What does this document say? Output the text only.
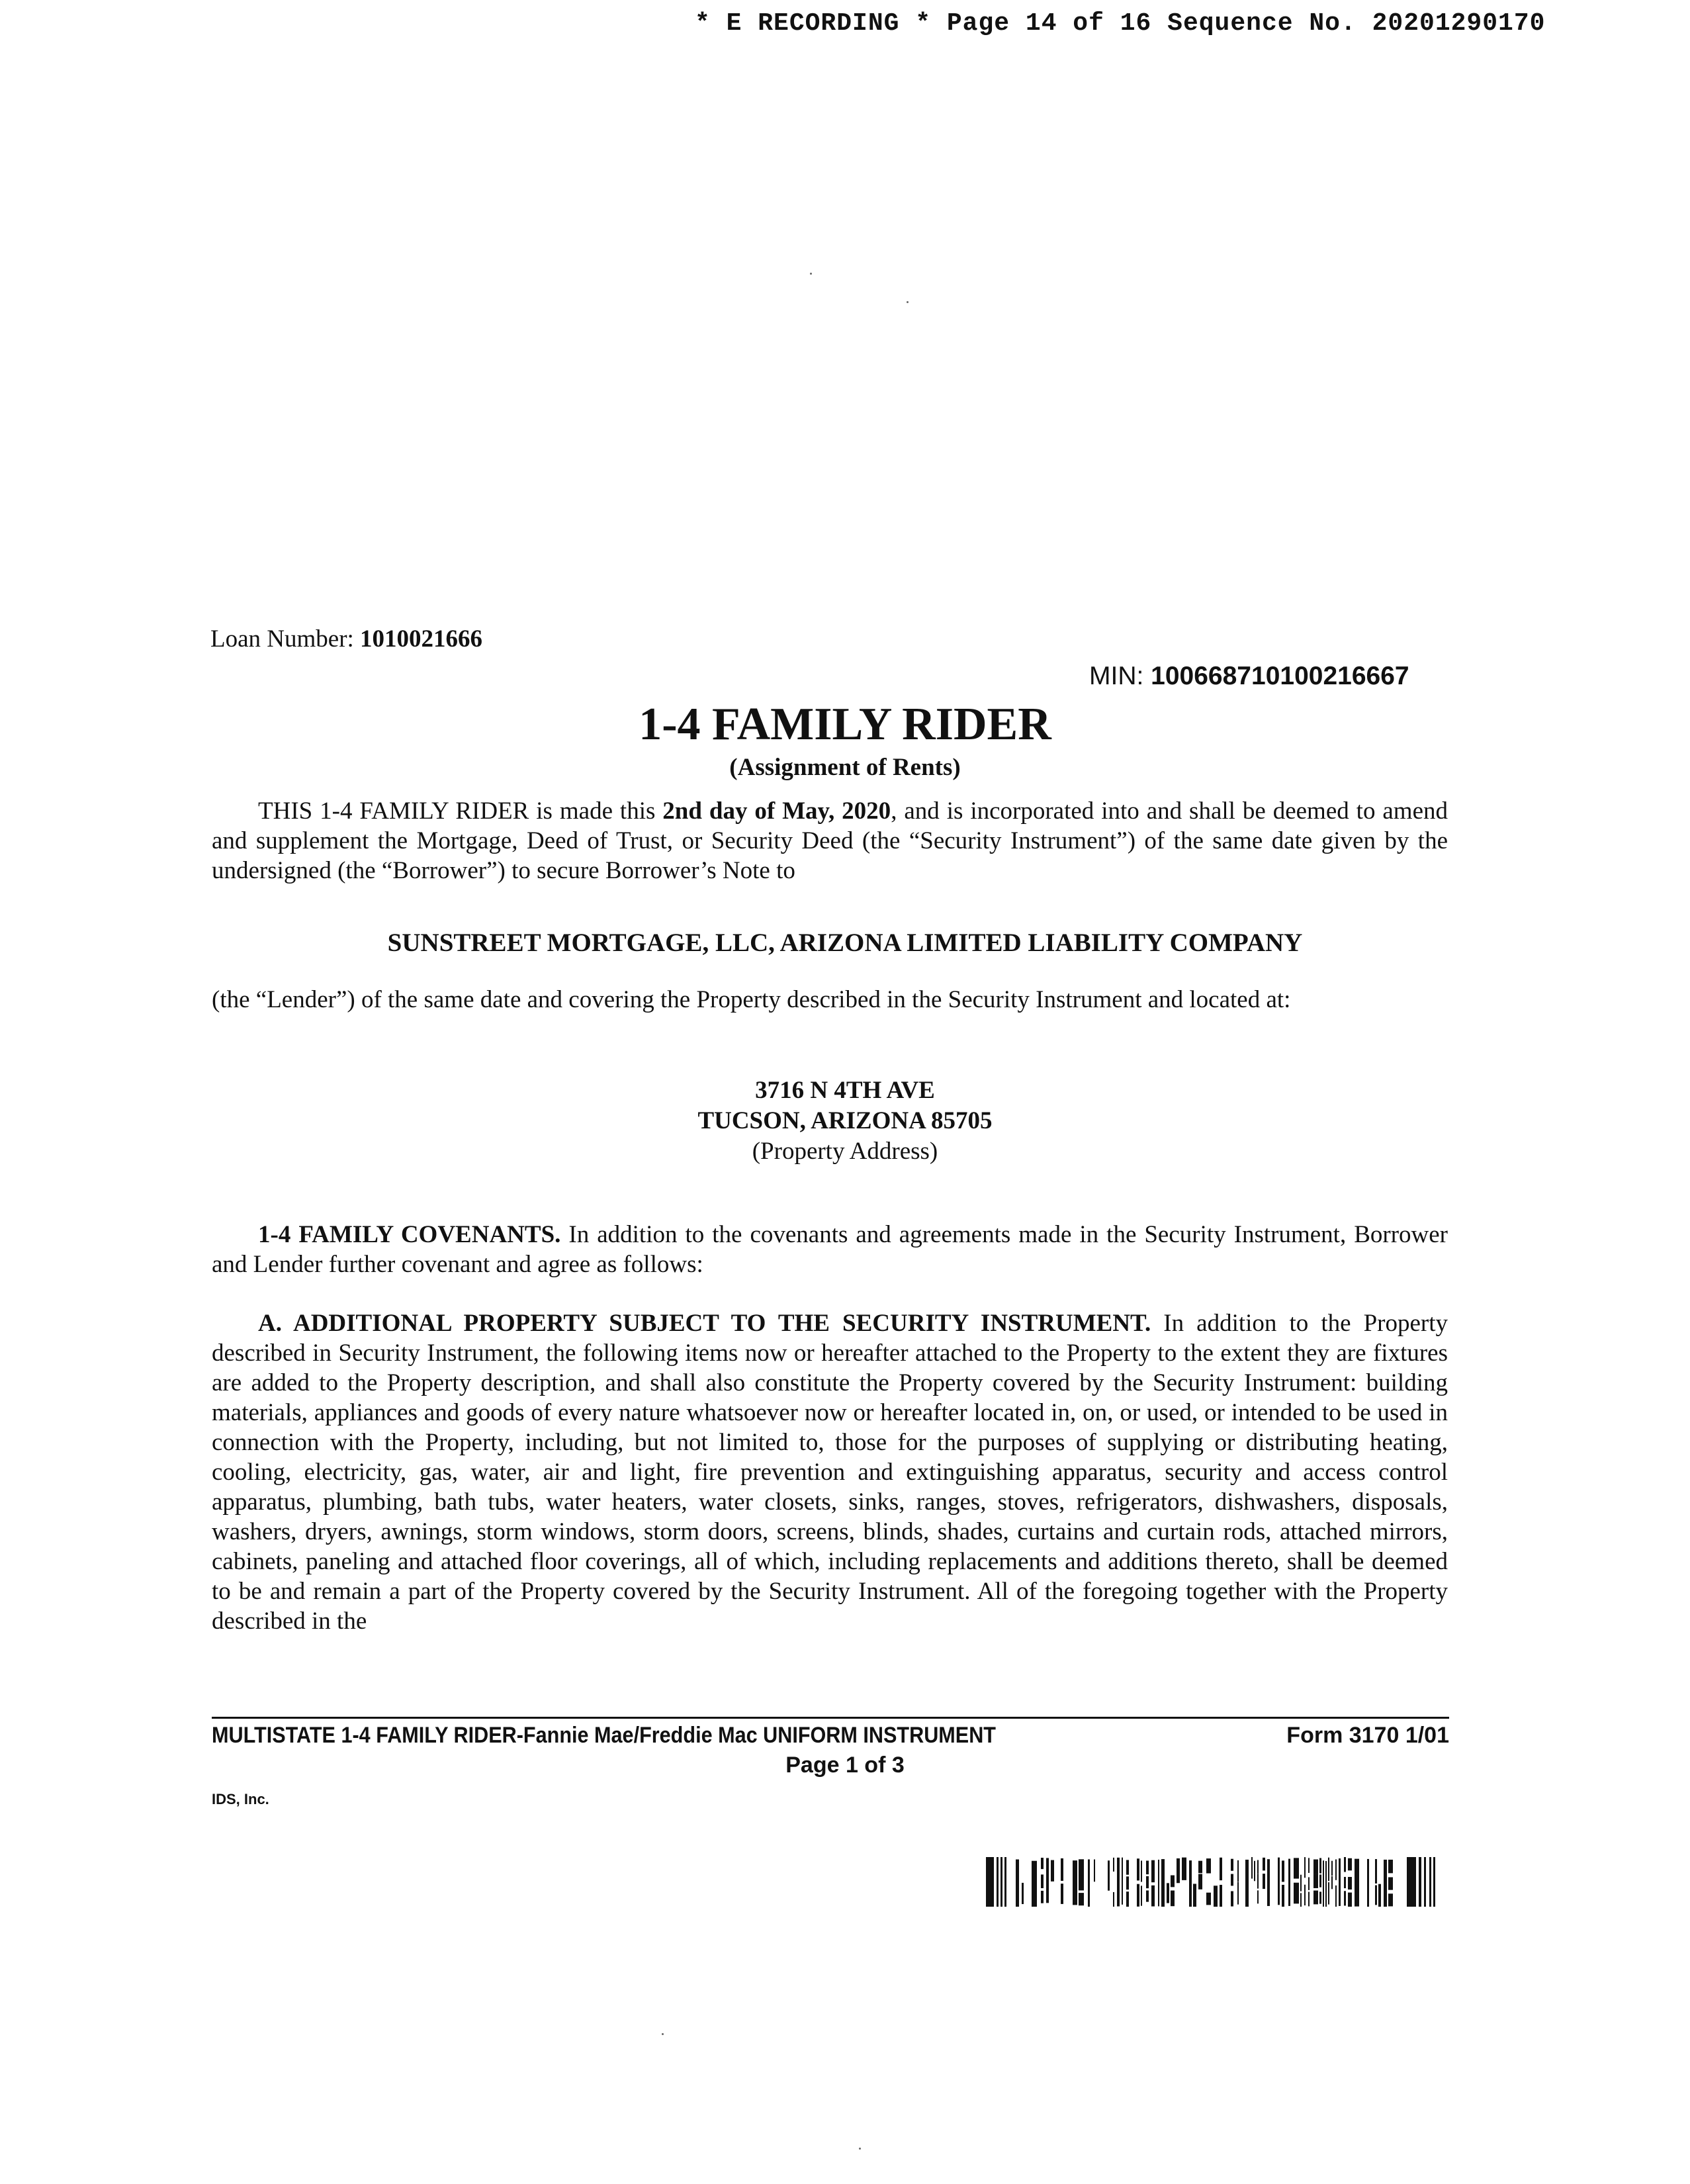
* E RECORDING * Page 14 of 16 Sequence No. 20201290170
Loan Number: 1010021666
MIN: 100668710100216667
1-4 FAMILY RIDER
(Assignment of Rents)
THIS 1-4 FAMILY RIDER is made this 2nd day of May, 2020, and is incorporated into and shall be deemed to amend and supplement the Mortgage, Deed of Trust, or Security Deed (the “Security Instrument”) of the same date given by the undersigned (the “Borrower”) to secure Borrower’s Note to
SUNSTREET MORTGAGE, LLC, ARIZONA LIMITED LIABILITY COMPANY
(the “Lender”) of the same date and covering the Property described in the Security Instrument and located at:
3716 N 4TH AVE
TUCSON, ARIZONA 85705
(Property Address)
1-4 FAMILY COVENANTS. In addition to the covenants and agreements made in the Security Instrument, Borrower and Lender further covenant and agree as follows:
A. ADDITIONAL PROPERTY SUBJECT TO THE SECURITY INSTRUMENT. In addition to the Property described in Security Instrument, the following items now or hereafter attached to the Property to the extent they are fixtures are added to the Property description, and shall also constitute the Property covered by the Security Instrument: building materials, appliances and goods of every nature whatsoever now or hereafter located in, on, or used, or intended to be used in connection with the Property, including, but not limited to, those for the purposes of supplying or distributing heating, cooling, electricity, gas, water, air and light, fire prevention and extinguishing apparatus, security and access control apparatus, plumbing, bath tubs, water heaters, water closets, sinks, ranges, stoves, refrigerators, dishwashers, disposals, washers, dryers, awnings, storm windows, storm doors, screens, blinds, shades, curtains and curtain rods, attached mirrors, cabinets, paneling and attached floor coverings, all of which, including replacements and additions thereto, shall be deemed to be and remain a part of the Property covered by the Security Instrument. All of the foregoing together with the Property described in the
MULTISTATE 1-4 FAMILY RIDER-Fannie Mae/Freddie Mac UNIFORM INSTRUMENT	Form 3170 1/01
Page 1 of 3
IDS, Inc.
